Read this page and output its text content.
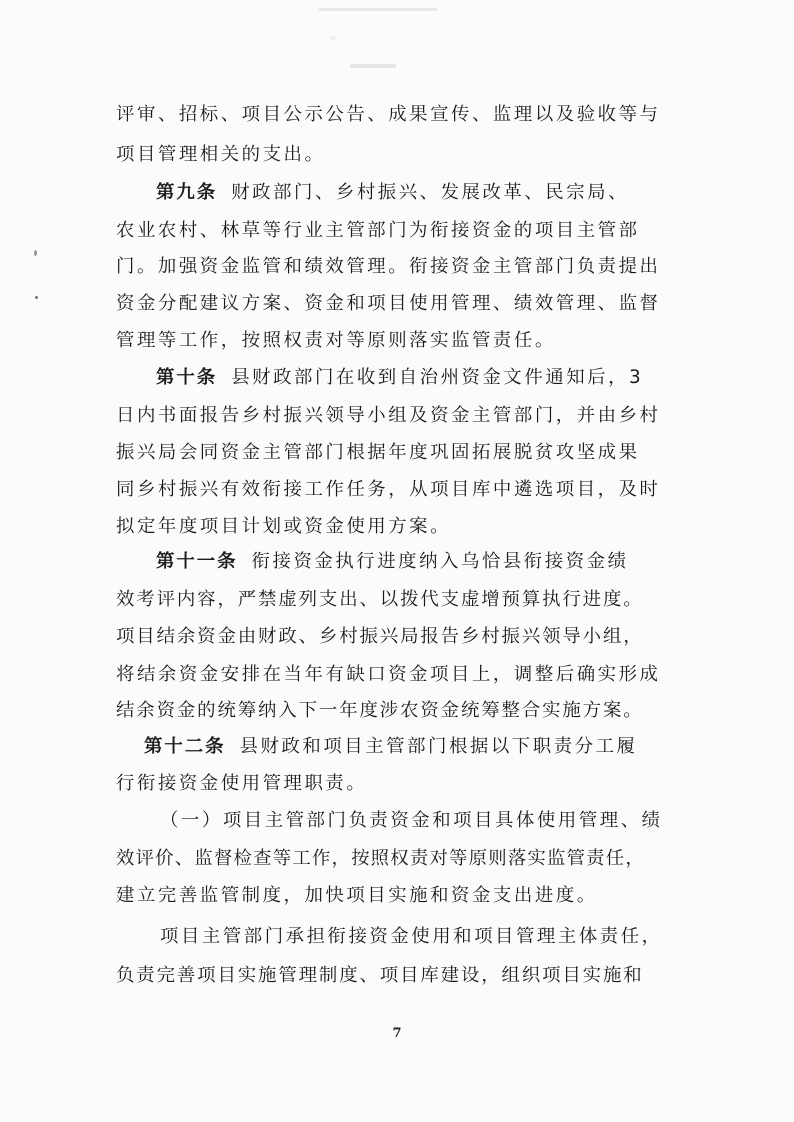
评审、招标、项目公示公告、成果宣传、监理以及验收等与
项目管理相关的支出。
第九条 财政部门、乡村振兴、发展改革、民宗局、
农业农村、林草等行业主管部门为衔接资金的项目主管部
门。加强资金监管和绩效管理。衔接资金主管部门负责提出
资金分配建议方案、资金和项目使用管理、绩效管理、监督
管理等工作，按照权责对等原则落实监管责任。
第十条 县财政部门在收到自治州资金文件通知后，3
日内书面报告乡村振兴领导小组及资金主管部门，并由乡村
振兴局会同资金主管部门根据年度巩固拓展脱贫攻坚成果
同乡村振兴有效衔接工作任务，从项目库中遴选项目，及时
拟定年度项目计划或资金使用方案。
第十一条 衔接资金执行进度纳入乌恰县衔接资金绩
效考评内容，严禁虚列支出、以拨代支虚增预算执行进度。
项目结余资金由财政、乡村振兴局报告乡村振兴领导小组，
将结余资金安排在当年有缺口资金项目上，调整后确实形成
结余资金的统筹纳入下一年度涉农资金统筹整合实施方案。
第十二条 县财政和项目主管部门根据以下职责分工履
行衔接资金使用管理职责。
（一）项目主管部门负责资金和项目具体使用管理、绩
效评价、监督检查等工作，按照权责对等原则落实监管责任，
建立完善监管制度，加快项目实施和资金支出进度。
项目主管部门承担衔接资金使用和项目管理主体责任，
负责完善项目实施管理制度、项目库建设，组织项目实施和
7
